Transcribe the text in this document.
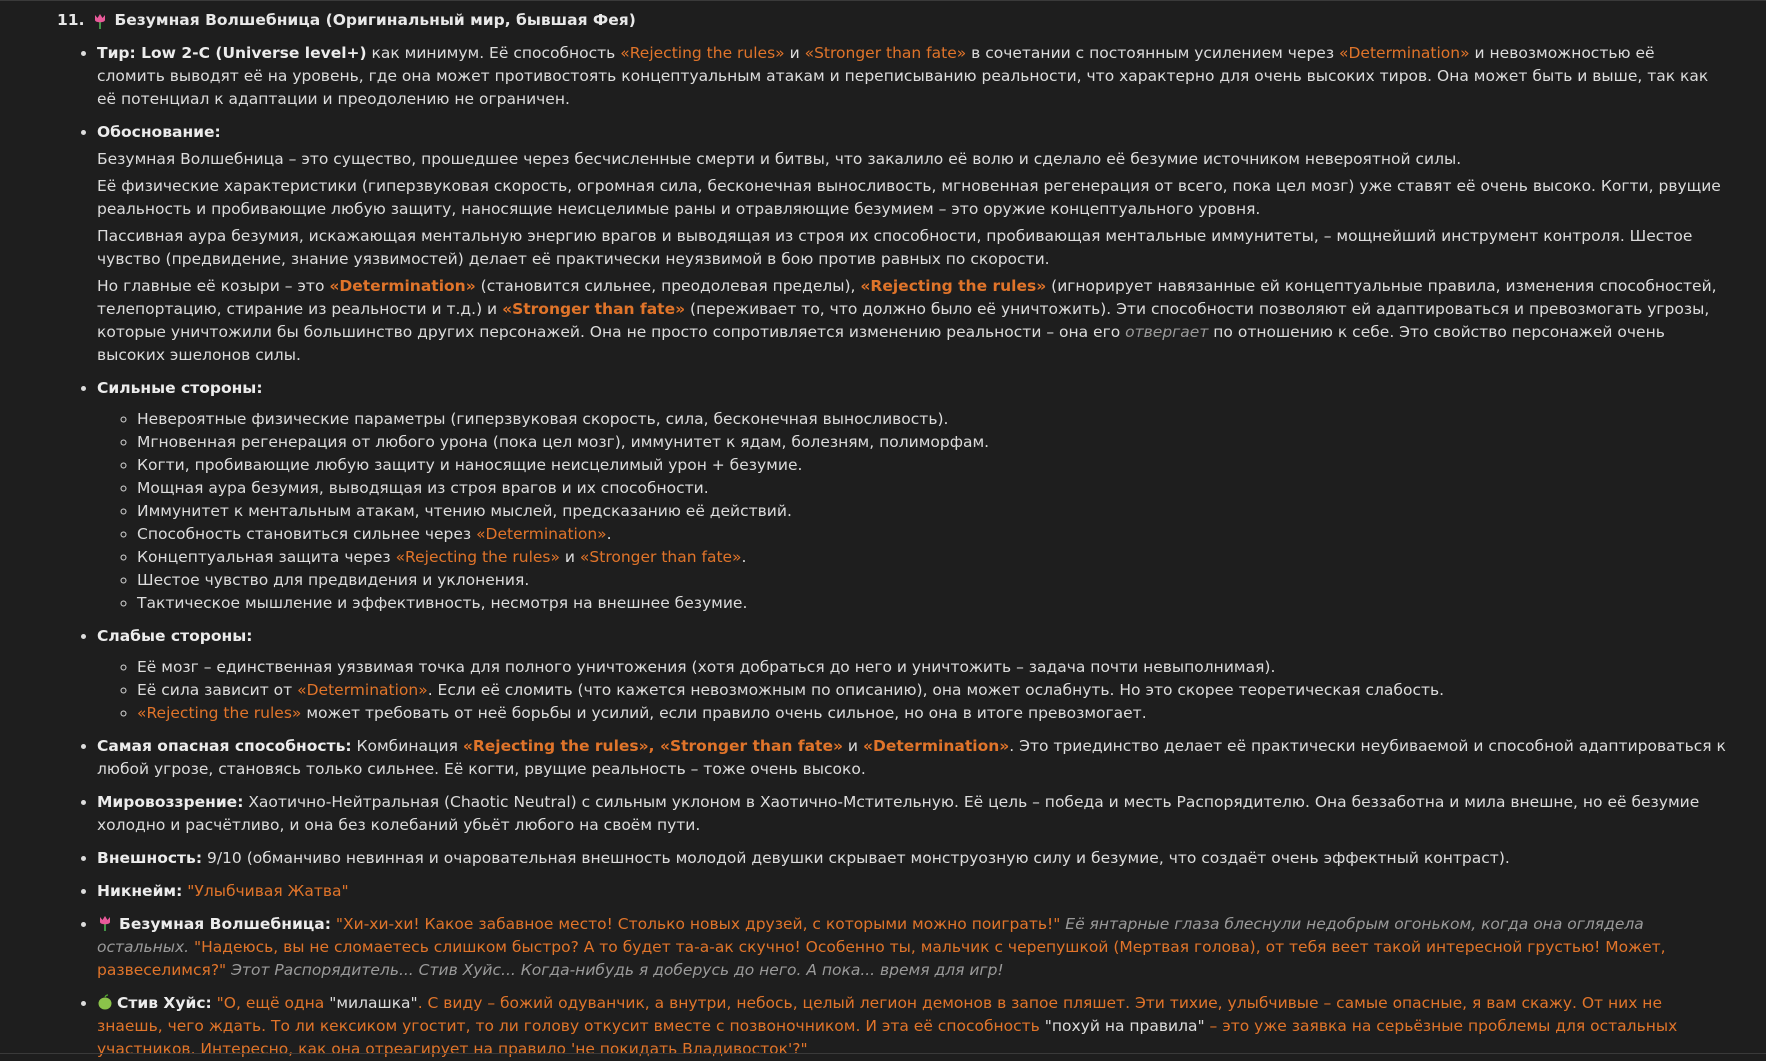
11. Безумная Волшебница (Оригинальный мир, бывшая Фея)
• Тир: Low 2-C (Universe level+) как минимум. Её способность «Rejecting the rules» и «Stronger than fate» в сочетании с постоянным усилением через «Determination» и невозможностью её сломить выводят её на уровень, где она может противостоять концептуальным атакам и переписыванию реальности, что характерно для очень высоких тиров. Она может быть и выше, так как её потенциал к адаптации и преодолению не ограничен.
• Обоснование:

Безумная Волшебница – это существо, прошедшее через бесчисленные смерти и битвы, что закалило её волю и сделало её безумие источником невероятной силы.

Её физические характеристики (гиперзвуковая скорость, огромная сила, бесконечная выносливость, мгновенная регенерация от всего, пока цел мозг) уже ставят её очень высоко. Когти, рвущие реальность и пробивающие любую защиту, наносящие неисцелимые раны и отравляющие безумием – это оружие концептуального уровня.

Пассивная аура безумия, искажающая ментальную энергию врагов и выводящая из строя их способности, пробивающая ментальные иммунитеты, – мощнейший инструмент контроля. Шестое чувство (предвидение, знание уязвимостей) делает её практически неуязвимой в бою против равных по скорости.

Но главные её козыри – это «Determination» (становится сильнее, преодолевая пределы), «Rejecting the rules» (игнорирует навязанные ей концептуальные правила, изменения способностей, телепортацию, стирание из реальности и т.д.) и «Stronger than fate» (переживает то, что должно было её уничтожить). Эти способности позволяют ей адаптироваться и превозмогать угрозы, которые уничтожили бы большинство других персонажей. Она не просто сопротивляется изменению реальности – она его отвергает по отношению к себе. Это свойство персонажей очень высоких эшелонов силы.

• Сильные стороны:
◦ Невероятные физические параметры (гиперзвуковая скорость, сила, бесконечная выносливость).
◦ Мгновенная регенерация от любого урона (пока цел мозг), иммунитет к ядам, болезням, полиморфам.
◦ Когти, пробивающие любую защиту и наносящие неисцелимый урон + безумие.
◦ Мощная аура безумия, выводящая из строя врагов и их способности.
◦ Иммунитет к ментальным атакам, чтению мыслей, предсказанию её действий.
◦ Способность становиться сильнее через «Determination».
◦ Концептуальная защита через «Rejecting the rules» и «Stronger than fate».
◦ Шестое чувство для предвидения и уклонения.
◦ Тактическое мышление и эффективность, несмотря на внешнее безумие.
• Слабые стороны:
◦ Её мозг – единственная уязвимая точка для полного уничтожения (хотя добраться до него и уничтожить – задача почти невыполнимая).
◦ Её сила зависит от «Determination». Если её сломить (что кажется невозможным по описанию), она может ослабнуть. Но это скорее теоретическая слабость.
◦ «Rejecting the rules» может требовать от неё борьбы и усилий, если правило очень сильное, но она в итоге превозмогает.
• Самая опасная способность: Комбинация «Rejecting the rules», «Stronger than fate» и «Determination». Это триединство делает её практически неубиваемой и способной адаптироваться к любой угрозе, становясь только сильнее. Её когти, рвущие реальность – тоже очень высоко.
• Мировоззрение: Хаотично-Нейтральная (Chaotic Neutral) с сильным уклоном в Хаотично-Мстительную. Её цель – победа и месть Распорядителю. Она беззаботна и мила внешне, но её безумие холодно и расчётливо, и она без колебаний убьёт любого на своём пути.
• Внешность: 9/10 (обманчиво невинная и очаровательная внешность молодой девушки скрывает монструозную силу и безумие, что создаёт очень эффектный контраст).
• Никнейм: "Улыбчивая Жатва"
• Безумная Волшебница: "Хи-хи-хи! Какое забавное место! Столько новых друзей, с которыми можно поиграть!" Её янтарные глаза блеснули недобрым огоньком, когда она оглядела остальных. "Надеюсь, вы не сломаетесь слишком быстро? А то будет та-а-ак скучно! Особенно ты, мальчик с черепушкой (Мертвая голова), от тебя веет такой интересной грустью! Может, развеселимся?" Этот Распорядитель... Стив Хуйс... Когда-нибудь я доберусь до него. А пока... время для игр!
• Стив Хуйс: "О, ещё одна "милашка". С виду – божий одуванчик, а внутри, небось, целый легион демонов в запое пляшет. Эти тихие, улыбчивые – самые опасные, я вам скажу. От них не знаешь, чего ждать. То ли кексиком угостит, то ли голову откусит вместе с позвоночником. И эта её способность "похуй на правила" – это уже заявка на серьёзные проблемы для остальных участников. Интересно, как она отреагирует на правило 'не покидать Владивосток'?"
